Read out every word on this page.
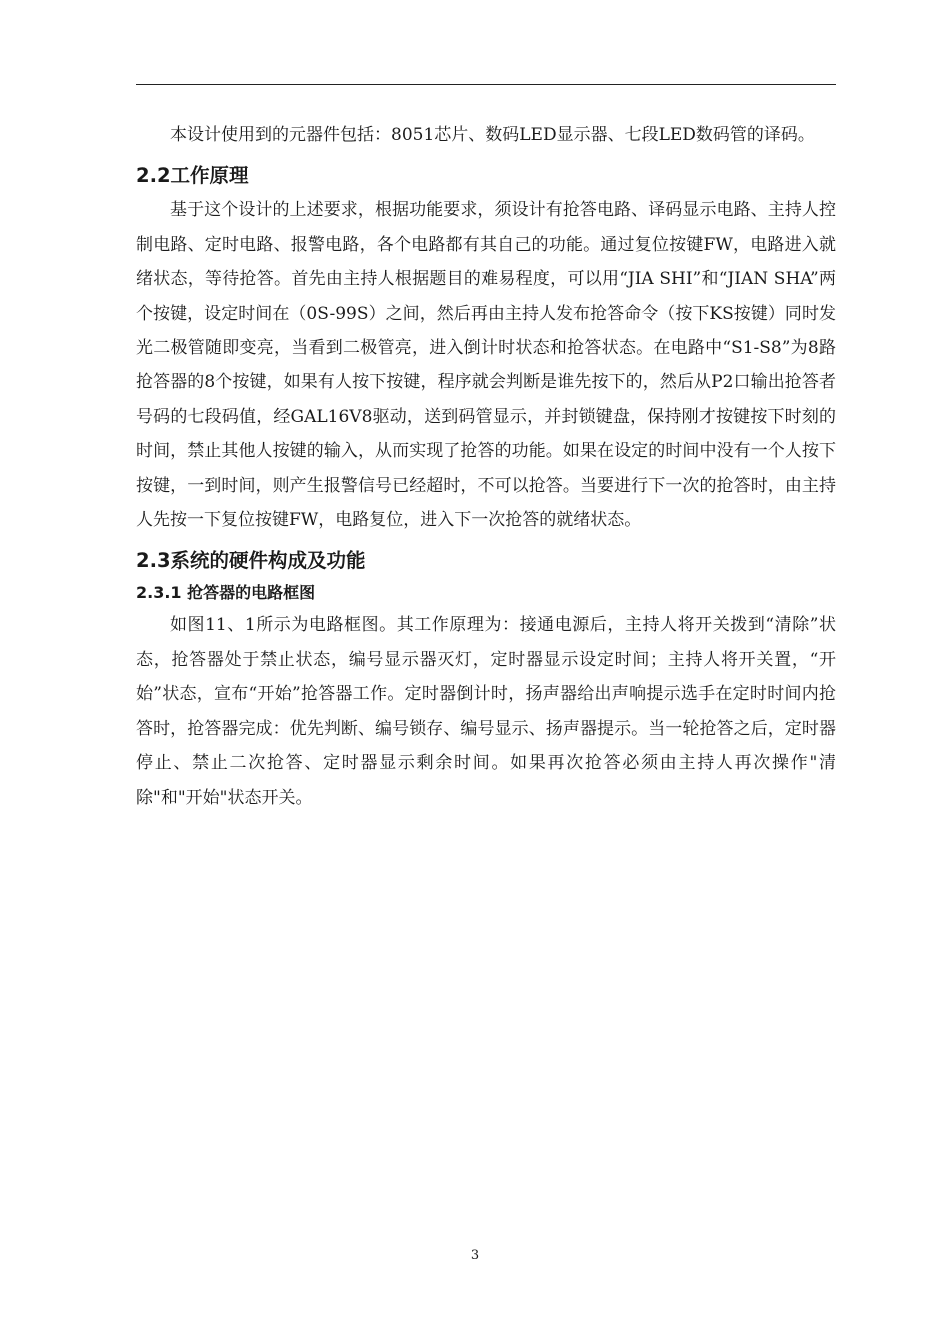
本设计使用到的元器件包括：8051芯片、数码LED显示器、七段LED数码管的译码。

2.2工作原理

基于这个设计的上述要求，根据功能要求，须设计有抢答电路、译码显示电路、主持人控制电路、定时电路、报警电路，各个电路都有其自己的功能。通过复位按键FW，电路进入就绪状态，等待抢答。首先由主持人根据题目的难易程度，可以用“JIA SHI”和“JIAN SHA”两个按键，设定时间在（0S-99S）之间，然后再由主持人发布抢答命令（按下KS按键）同时发光二极管随即变亮，当看到二极管亮，进入倒计时状态和抢答状态。在电路中“S1-S8”为8路抢答器的8个按键，如果有人按下按键，程序就会判断是谁先按下的，然后从P2口输出抢答者号码的七段码值，经GAL16V8驱动，送到码管显示，并封锁键盘，保持刚才按键按下时刻的时间，禁止其他人按键的输入，从而实现了抢答的功能。如果在设定的时间中没有一个人按下按键，一到时间，则产生报警信号已经超时，不可以抢答。当要进行下一次的抢答时，由主持人先按一下复位按键FW，电路复位，进入下一次抢答的就绪状态。

2.3系统的硬件构成及功能
2.3.1 抢答器的电路框图

如图11、1所示为电路框图。其工作原理为：接通电源后，主持人将开关拨到“清除”状态，抢答器处于禁止状态，编号显示器灭灯，定时器显示设定时间；主持人将开关置，“开始”状态，宣布“开始”抢答器工作。定时器倒计时，扬声器给出声响提示选手在定时时间内抢答时，抢答器完成：优先判断、编号锁存、编号显示、扬声器提示。当一轮抢答之后，定时器停止、禁止二次抢答、定时器显示剩余时间。如果再次抢答必须由主持人再次操作"清除"和"开始"状态开关。

3
